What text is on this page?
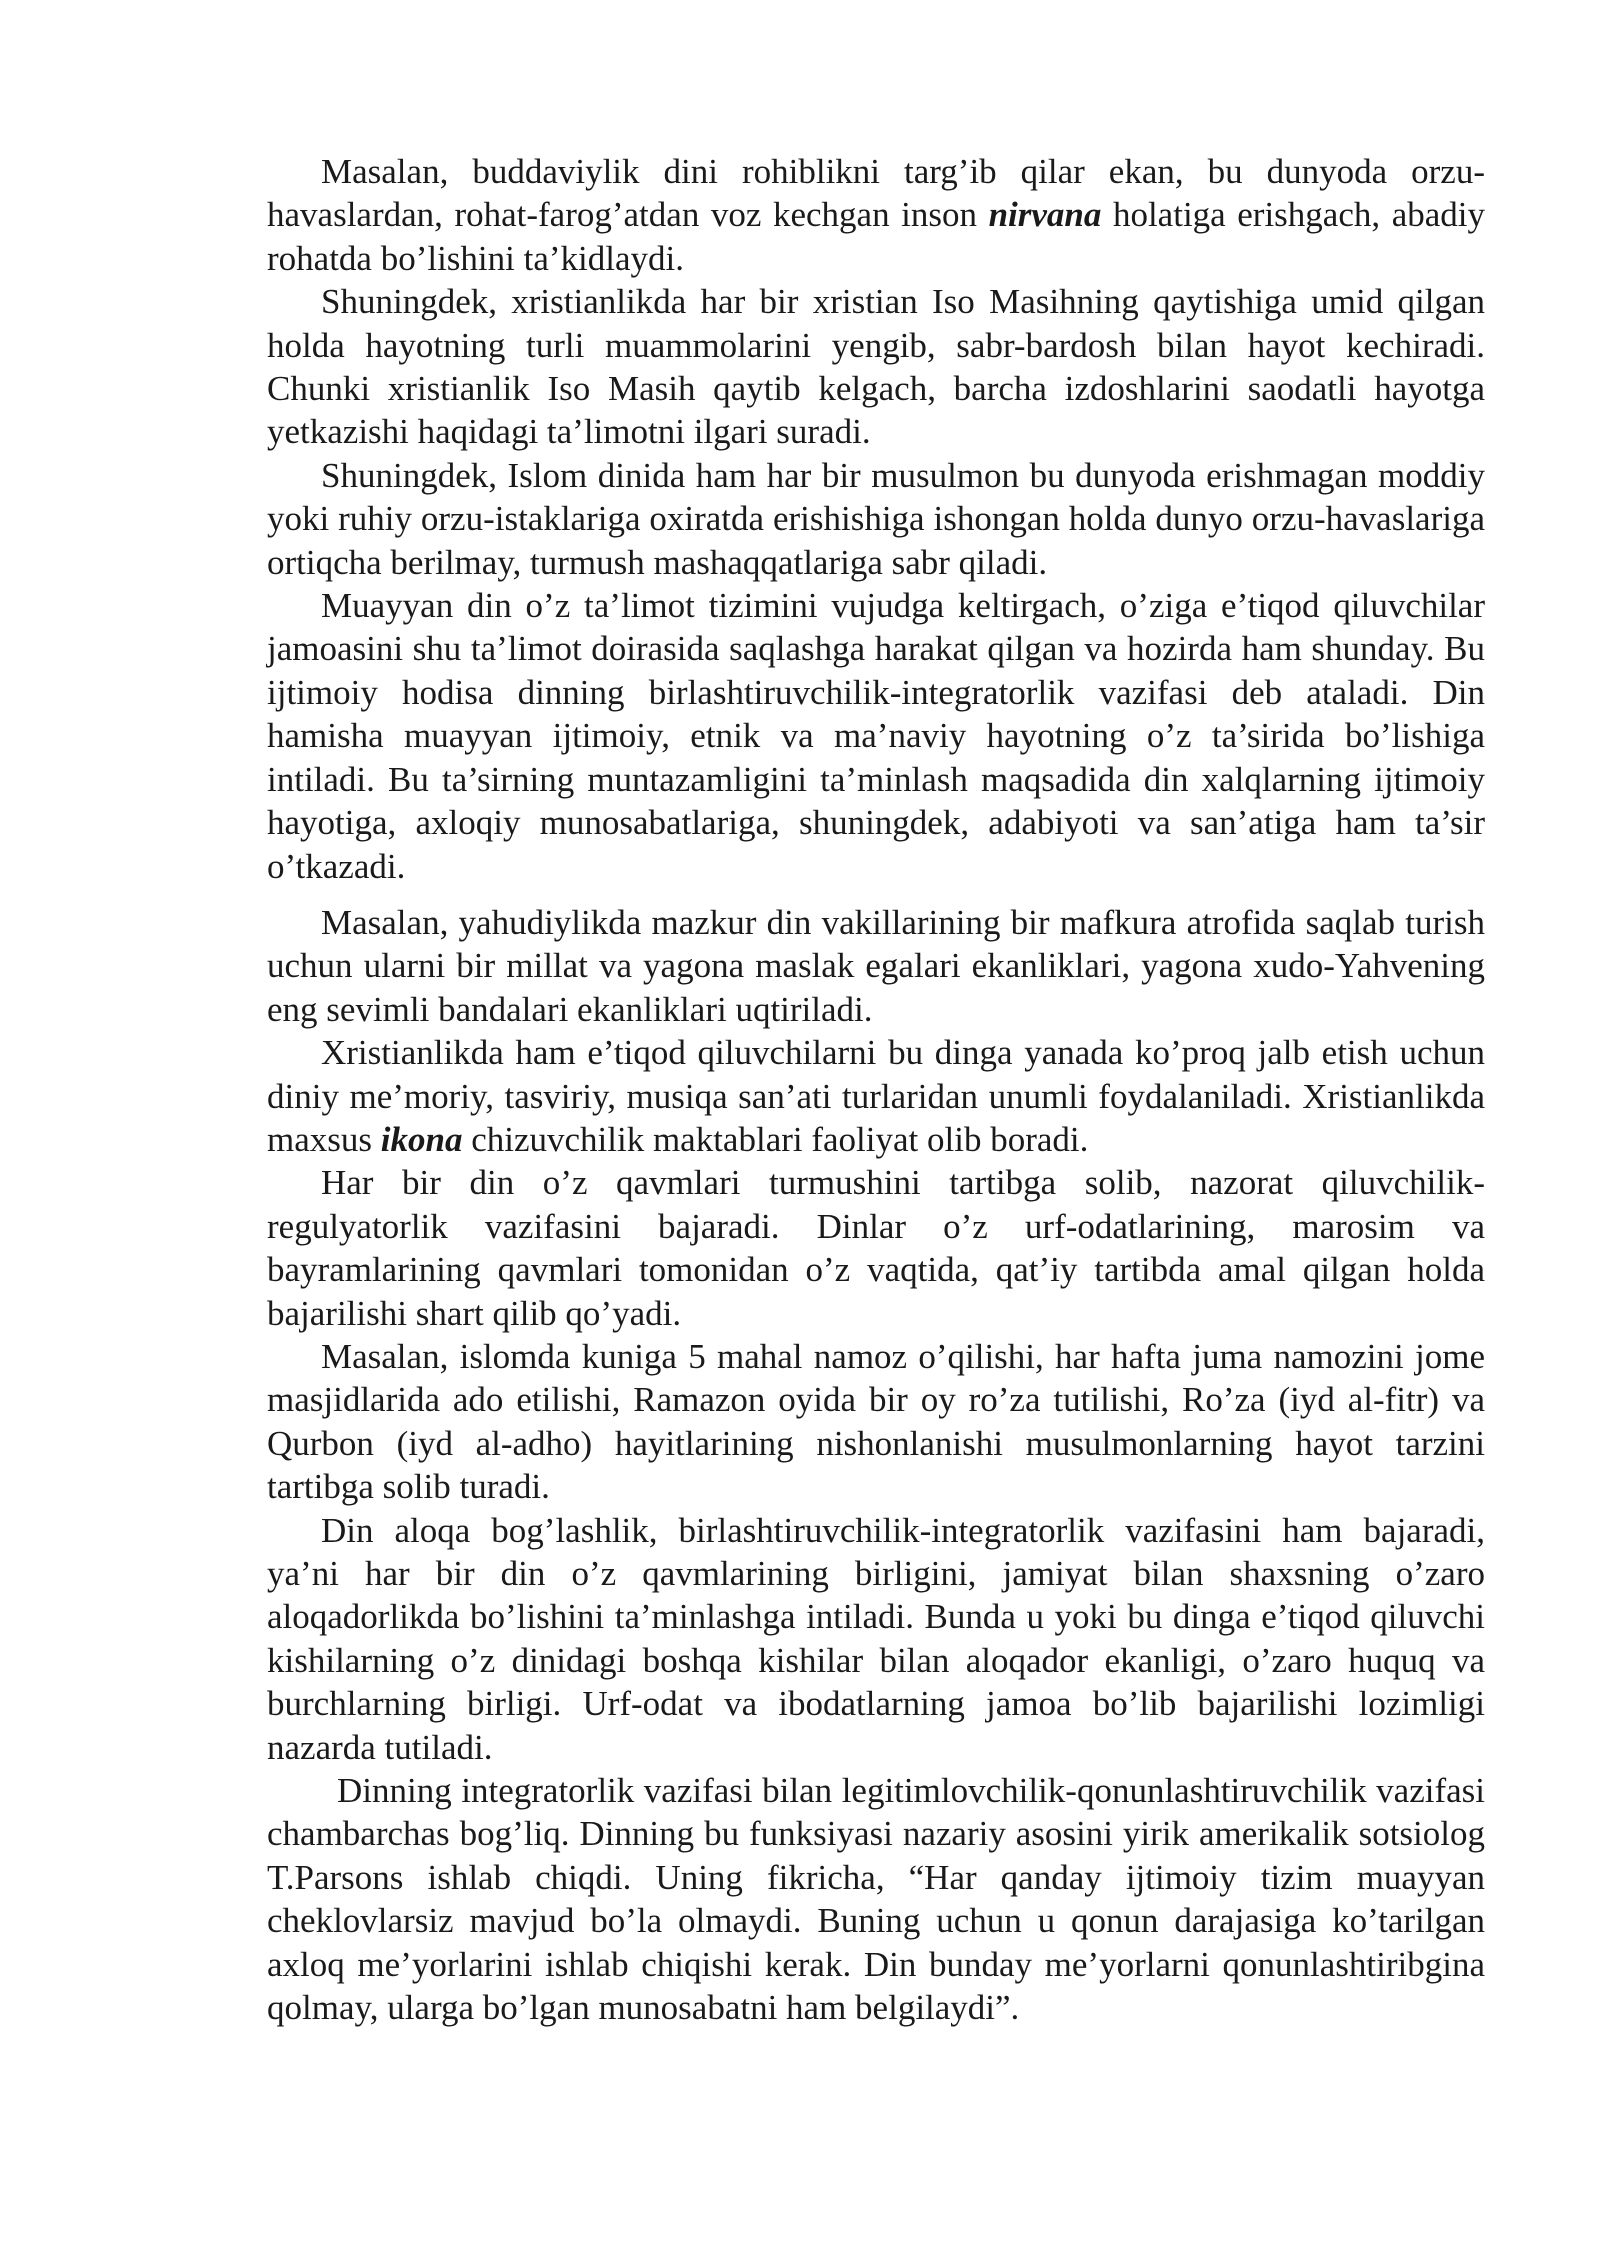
Masalan, buddaviylik dini rohiblikni targ’ib qilar ekan, bu dunyoda orzu-havaslardan, rohat-farog’atdan voz kechgan inson nirvana holatiga erishgach, abadiy rohatda bo’lishini ta’kidlaydi.

Shuningdek, xristianlikda har bir xristian Iso Masihning qaytishiga umid qilgan holda hayotning turli muammolarini yengib, sabr-bardosh bilan hayot kechiradi. Chunki xristianlik Iso Masih qaytib kelgach, barcha izdoshlarini saodatli hayotga yetkazishi haqidagi ta’limotni ilgari suradi.

Shuningdek, Islom dinida ham har bir musulmon bu dunyoda erishmagan moddiy yoki ruhiy orzu-istaklariga oxiratda erishishiga ishongan holda dunyo orzu-havaslariga ortiqcha berilmay, turmush mashaqqatlariga sabr qiladi.

Muayyan din o’z ta’limot tizimini vujudga keltirgach, o’ziga e’tiqod qiluvchilar jamoasini shu ta’limot doirasida saqlashga harakat qilgan va hozirda ham shunday. Bu ijtimoiy hodisa dinning birlashtiruvchilik-integratorlik vazifasi deb ataladi. Din hamisha muayyan ijtimoiy, etnik va ma’naviy hayotning o’z ta’sirida bo’lishiga intiladi. Bu ta’sirning muntazamligini ta’minlash maqsadida din xalqlarning ijtimoiy hayotiga, axloqiy munosabatlariga, shuningdek, adabiyoti va san’atiga ham ta’sir o’tkazadi.

Masalan, yahudiylikda mazkur din vakillarining bir mafkura atrofida saqlab turish uchun ularni bir millat va yagona maslak egalari ekanliklari, yagona xudo-Yahvening eng sevimli bandalari ekanliklari uqtiriladi.

Xristianlikda ham e’tiqod qiluvchilarni bu dinga yanada ko’proq jalb etish uchun diniy me’moriy, tasviriy, musiqa san’ati turlaridan unumli foydalaniladi. Xristianlikda maxsus ikona chizuvchilik maktablari faoliyat olib boradi.

Har bir din o’z qavmlari turmushini tartibga solib, nazorat qiluvchilik-regulyatorlik vazifasini bajaradi. Dinlar o’z urf-odatlarining, marosim va bayramlarining qavmlari tomonidan o’z vaqtida, qat’iy tartibda amal qilgan holda bajarilishi shart qilib qo’yadi.

Masalan, islomda kuniga 5 mahal namoz o’qilishi, har hafta juma namozini jome masjidlarida ado etilishi, Ramazon oyida bir oy ro’za tutilishi, Ro’za (iyd al-fitr) va Qurbon (iyd al-adho) hayitlarining nishonlanishi musulmonlarning hayot tarzini tartibga solib turadi.

Din aloqa bog’lashlik, birlashtiruvchilik-integratorlik vazifasini ham bajaradi, ya’ni har bir din o’z qavmlarining birligini, jamiyat bilan shaxsning o’zaro aloqadorlikda bo’lishini ta’minlashga intiladi. Bunda u yoki bu dinga e’tiqod qiluvchi kishilarning o’z dinidagi boshqa kishilar bilan aloqador ekanligi, o’zaro huquq va burchlarning birligi. Urf-odat va ibodatlarning jamoa bo’lib bajarilishi lozimligi nazarda tutiladi.

Dinning integratorlik vazifasi bilan legitimlovchilik-qonunlashtiruvchilik vazifasi chambarchas bog’liq. Dinning bu funksiyasi nazariy asosini yirik amerikalik sotsiolog T.Parsons ishlab chiqdi. Uning fikricha, “Har qanday ijtimoiy tizim muayyan cheklovlarsiz mavjud bo’la olmaydi. Buning uchun u qonun darajasiga ko’tarilgan axloq me’yorlarini ishlab chiqishi kerak. Din bunday me’yorlarni qonunlashtiribgina qolmay, ularga bo’lgan munosabatni ham belgilaydi”.
